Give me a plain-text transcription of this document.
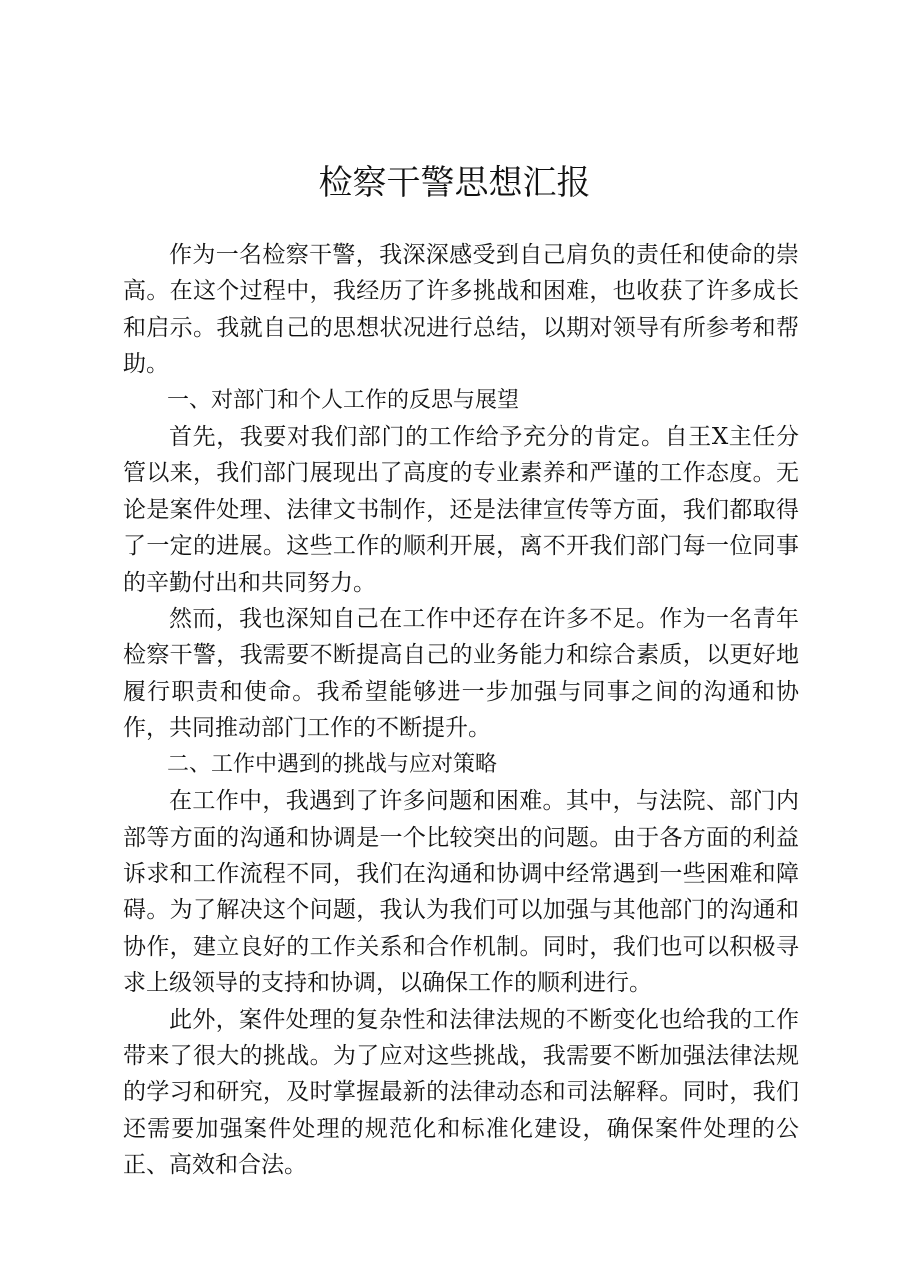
检察干警思想汇报

作为一名检察干警，我深深感受到自己肩负的责任和使命的崇高。在这个过程中，我经历了许多挑战和困难，也收获了许多成长和启示。我就自己的思想状况进行总结，以期对领导有所参考和帮助。

一、对部门和个人工作的反思与展望

首先，我要对我们部门的工作给予充分的肯定。自王X主任分管以来，我们部门展现出了高度的专业素养和严谨的工作态度。无论是案件处理、法律文书制作，还是法律宣传等方面，我们都取得了一定的进展。这些工作的顺利开展，离不开我们部门每一位同事的辛勤付出和共同努力。

然而，我也深知自己在工作中还存在许多不足。作为一名青年检察干警，我需要不断提高自己的业务能力和综合素质，以更好地履行职责和使命。我希望能够进一步加强与同事之间的沟通和协作，共同推动部门工作的不断提升。

二、工作中遇到的挑战与应对策略

在工作中，我遇到了许多问题和困难。其中，与法院、部门内部等方面的沟通和协调是一个比较突出的问题。由于各方面的利益诉求和工作流程不同，我们在沟通和协调中经常遇到一些困难和障碍。为了解决这个问题，我认为我们可以加强与其他部门的沟通和协作，建立良好的工作关系和合作机制。同时，我们也可以积极寻求上级领导的支持和协调，以确保工作的顺利进行。

此外，案件处理的复杂性和法律法规的不断变化也给我的工作带来了很大的挑战。为了应对这些挑战，我需要不断加强法律法规的学习和研究，及时掌握最新的法律动态和司法解释。同时，我们还需要加强案件处理的规范化和标准化建设，确保案件处理的公正、高效和合法。
